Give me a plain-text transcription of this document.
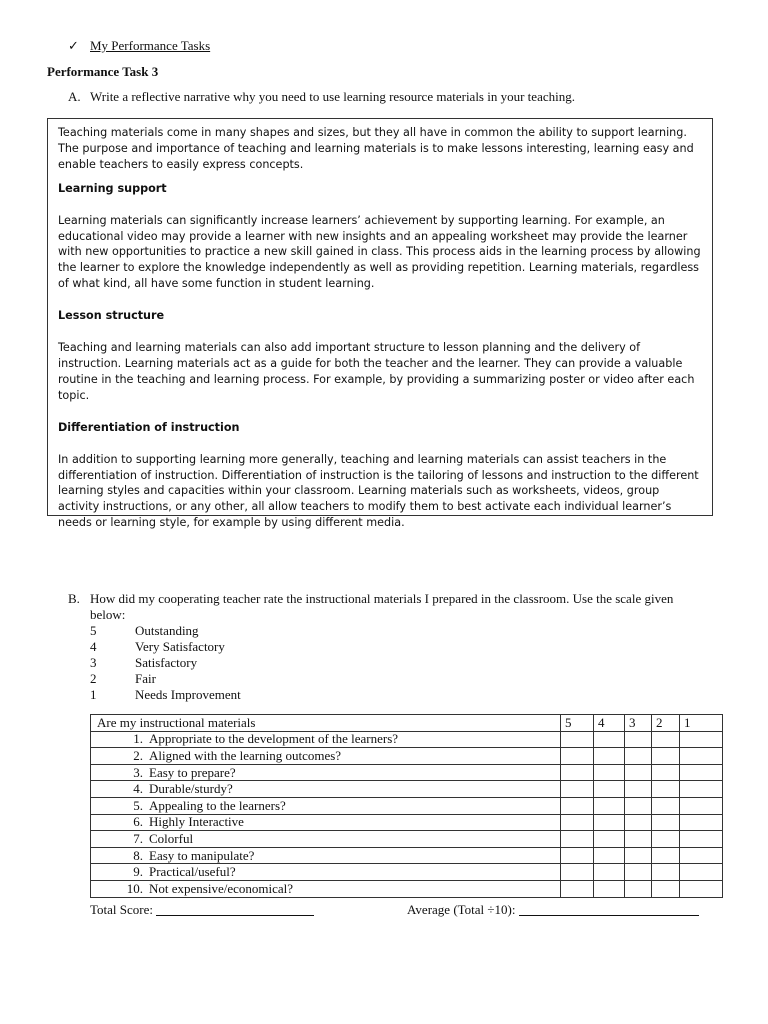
✓ My Performance Tasks
Performance Task 3
A. Write a reflective narrative why you need to use learning resource materials in your teaching.

Teaching materials come in many shapes and sizes, but they all have in common the ability to support learning. The purpose and importance of teaching and learning materials is to make lessons interesting, learning easy and enable teachers to easily express concepts.

Learning support

Learning materials can significantly increase learners’ achievement by supporting learning. For example, an educational video may provide a learner with new insights and an appealing worksheet may provide the learner with new opportunities to practice a new skill gained in class. This process aids in the learning process by allowing the learner to explore the knowledge independently as well as providing repetition. Learning materials, regardless of what kind, all have some function in student learning.

Lesson structure

Teaching and learning materials can also add important structure to lesson planning and the delivery of instruction. Learning materials act as a guide for both the teacher and the learner. They can provide a valuable routine in the teaching and learning process. For example, by providing a summarizing poster or video after each topic.

Differentiation of instruction

In addition to supporting learning more generally, teaching and learning materials can assist teachers in the differentiation of instruction. Differentiation of instruction is the tailoring of lessons and instruction to the different learning styles and capacities within your classroom. Learning materials such as worksheets, videos, group activity instructions, or any other, all allow teachers to modify them to best activate each individual learner’s needs or learning style, for example by using different media.

B. How did my cooperating teacher rate the instructional materials I prepared in the classroom. Use the scale given below:
5	Outstanding
4	Very Satisfactory
3	Satisfactory
2	Fair
1	Needs Improvement
Are my instructional materials	5	4	3	2	1
1. Appropriate to the development of the learners?					
2. Aligned with the learning outcomes?					
3. Easy to prepare?					
4. Durable/sturdy?					
5. Appealing to the learners?					
6. Highly Interactive					
7. Colorful					
8. Easy to manipulate?					
9. Practical/useful?					
10. Not expensive/economical?					
Total Score:	Average (Total ÷10):
